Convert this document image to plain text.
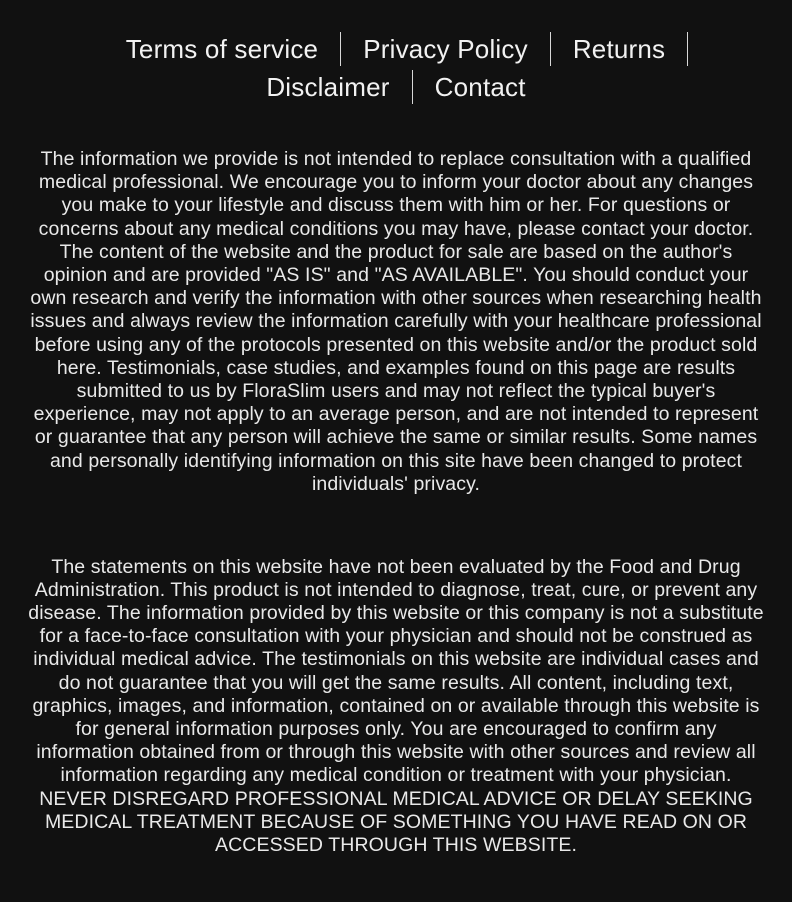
Terms of service	Privacy Policy	Returns
Disclaimer	Contact

The information we provide is not intended to replace consultation with a qualified medical professional. We encourage you to inform your doctor about any changes you make to your lifestyle and discuss them with him or her. For questions or concerns about any medical conditions you may have, please contact your doctor. The content of the website and the product for sale are based on the author's opinion and are provided "AS IS" and "AS AVAILABLE". You should conduct your own research and verify the information with other sources when researching health issues and always review the information carefully with your healthcare professional before using any of the protocols presented on this website and/or the product sold here. Testimonials, case studies, and examples found on this page are results submitted to us by FloraSlim users and may not reflect the typical buyer's experience, may not apply to an average person, and are not intended to represent or guarantee that any person will achieve the same or similar results. Some names and personally identifying information on this site have been changed to protect individuals' privacy.

The statements on this website have not been evaluated by the Food and Drug Administration. This product is not intended to diagnose, treat, cure, or prevent any disease. The information provided by this website or this company is not a substitute for a face-to-face consultation with your physician and should not be construed as individual medical advice. The testimonials on this website are individual cases and do not guarantee that you will get the same results. All content, including text, graphics, images, and information, contained on or available through this website is for general information purposes only. You are encouraged to confirm any information obtained from or through this website with other sources and review all information regarding any medical condition or treatment with your physician. NEVER DISREGARD PROFESSIONAL MEDICAL ADVICE OR DELAY SEEKING MEDICAL TREATMENT BECAUSE OF SOMETHING YOU HAVE READ ON OR ACCESSED THROUGH THIS WEBSITE.
